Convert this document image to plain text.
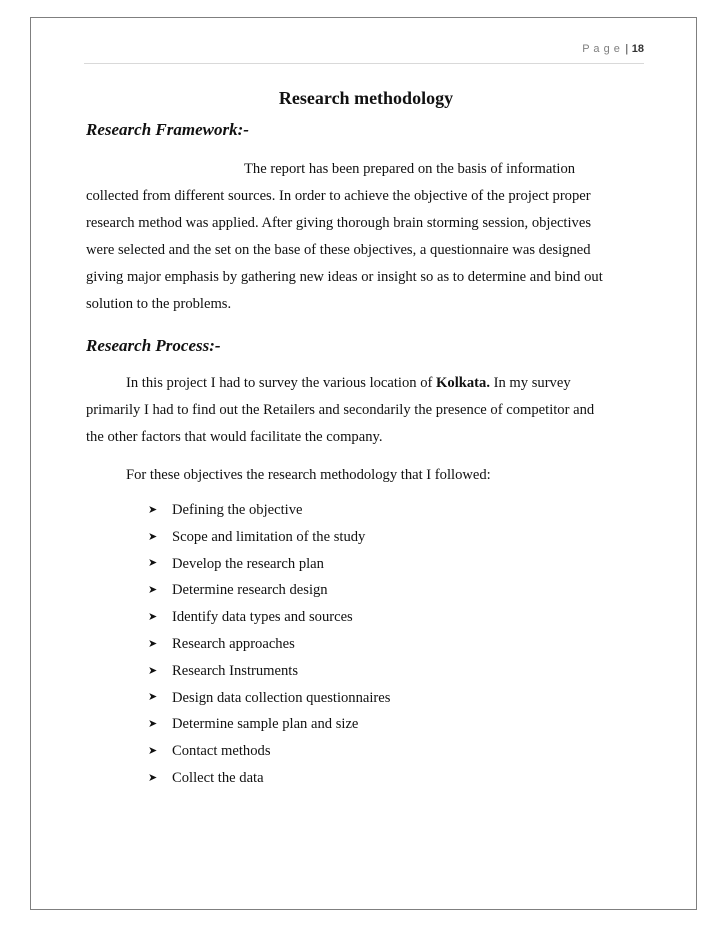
P a g e | 18
Research methodology
Research Framework:-

The report has been prepared on the basis of information

collected from different sources. In order to achieve the objective of the project proper

research method was applied. After giving thorough brain storming session, objectives

were selected and the set on the base of these objectives, a questionnaire was designed

giving major emphasis by gathering new ideas or insight so as to determine and bind out

solution to the problems.

Research Process:-

In this project I had to survey the various location of Kolkata. In my survey

primarily I had to find out the Retailers and secondarily the presence of competitor and

the other factors that would facilitate the company.

For these objectives the research methodology that I followed:

➤	Defining the objective
➤	Scope and limitation of the study
➤	Develop the research plan
➤	Determine research design
➤	Identify data types and sources
➤	Research approaches
➤	Research Instruments
➤	Design data collection questionnaires
➤	Determine sample plan and size
➤	Contact methods
➤	Collect the data
